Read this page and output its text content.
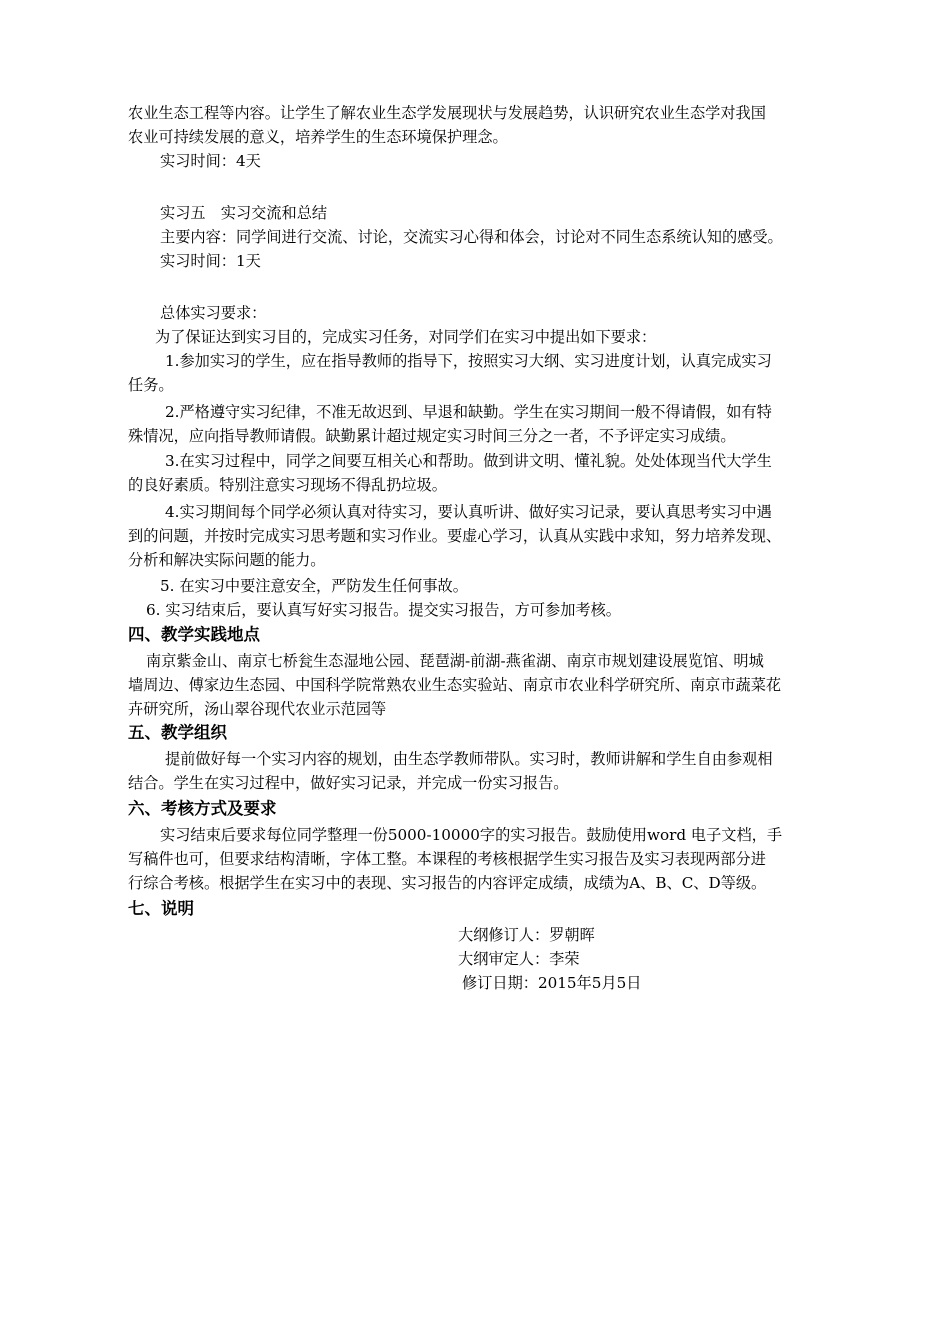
农业生态工程等内容。让学生了解农业生态学发展现状与发展趋势，认识研究农业生态学对我国
农业可持续发展的意义，培养学生的生态环境保护理念。
实习时间：4天
实习五　实习交流和总结
主要内容：同学间进行交流、讨论，交流实习心得和体会，讨论对不同生态系统认知的感受。
实习时间：1天
总体实习要求：
为了保证达到实习目的，完成实习任务，对同学们在实习中提出如下要求：
1.参加实习的学生，应在指导教师的指导下，按照实习大纲、实习进度计划，认真完成实习
任务。
2.严格遵守实习纪律，不准无故迟到、早退和缺勤。学生在实习期间一般不得请假，如有特
殊情况，应向指导教师请假。缺勤累计超过规定实习时间三分之一者，不予评定实习成绩。
3.在实习过程中，同学之间要互相关心和帮助。做到讲文明、懂礼貌。处处体现当代大学生
的良好素质。特别注意实习现场不得乱扔垃圾。
4.实习期间每个同学必须认真对待实习，要认真听讲、做好实习记录，要认真思考实习中遇
到的问题，并按时完成实习思考题和实习作业。要虚心学习，认真从实践中求知，努力培养发现、
分析和解决实际问题的能力。
5. 在实习中要注意安全，严防发生任何事故。
6. 实习结束后，要认真写好实习报告。提交实习报告，方可参加考核。
四、教学实践地点
南京紫金山、南京七桥瓮生态湿地公园、琵琶湖-前湖-燕雀湖、南京市规划建设展览馆、明城
墙周边、傅家边生态园、中国科学院常熟农业生态实验站、南京市农业科学研究所、南京市蔬菜花
卉研究所，汤山翠谷现代农业示范园等
五、教学组织
提前做好每一个实习内容的规划，由生态学教师带队。实习时，教师讲解和学生自由参观相
结合。学生在实习过程中，做好实习记录，并完成一份实习报告。
六、考核方式及要求
实习结束后要求每位同学整理一份5000-10000字的实习报告。鼓励使用word 电子文档，手
写稿件也可，但要求结构清晰，字体工整。本课程的考核根据学生实习报告及实习表现两部分进
行综合考核。根据学生在实习中的表现、实习报告的内容评定成绩，成绩为A、B、C、D等级。
七、说明
大纲修订人：罗朝晖
大纲审定人：李荣
修订日期：2015年5月5日
